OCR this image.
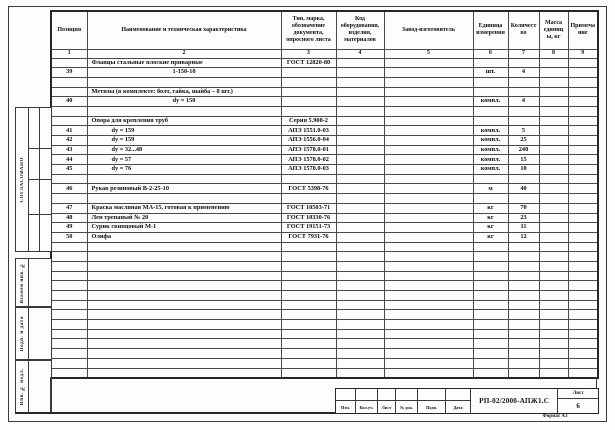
Позиция	Наименование и техническая характеристика	Тип, марка, обозначение документа, опросного листа	Код оборудования, изделия, материалов	Завод-изготовитель	Единица измерения	Количество	Масса единицы, кг	Примечание
1	2	3	4	5	6	7	8	9
	Фланцы стальные плоские приварные	ГОСТ 12820-80						
39	1-150-10				шт.	4		

	Метизы (в комплекте: болт, гайка, шайба – 8 шт.)							
40	dу = 150				компл.	4		

	Опора для крепления труб	Серия 5.908-2						
41	dу = 159	АПЭ 1551.0-03			компл.	5		
42	dу = 159	АПЭ 1556.0-04			компл.	25		
43	dу = 32...48	АПЭ 1578.0-01			компл.	240		
44	dу = 57	АПЭ 1578.0-02			компл.	15		
45	dу = 76	АПЭ 1578.0-03			компл.	10		

46	Рукав резиновый В-2-25-10	ГОСТ 5398-76			м	40		

47	Краска масляная МА-15, готовая к применению	ГОСТ 10503-71			кг	70		
48	Лен трепаный № 20	ГОСТ 10330-76			кг	23		
49	Сурик свинцовый М-1	ГОСТ 19151-73			кг	11		
50	Олифа	ГОСТ 7931-76			кг	12		

СОГЛАСОВАНО
Взамен инв. №
Подп. и дата
Инв. № подл.
Изм.	Кол.уч.	Лист	№ док.	Подп.	Дата
РП-02/2000-АПЖ1.С
Лист
6
Формат А3
